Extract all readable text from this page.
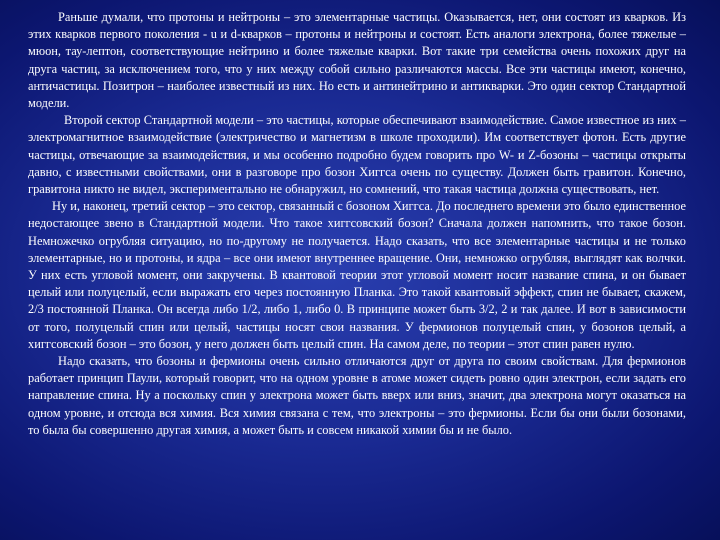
Раньше думали, что протоны и нейтроны – это элементарные частицы. Оказывается, нет, они состоят из кварков. Из этих кварков первого поколения - u и d-кварков – протоны и нейтроны и состоят. Есть аналоги электрона, более тяжелые – мюон, тау-лептон, соответствующие нейтрино и более тяжелые кварки. Вот такие три семейства очень похожих друг на друга частиц, за исключением того, что у них между собой сильно различаются массы. Все эти частицы имеют, конечно, античастицы. Позитрон – наиболее известный из них. Но есть и антинейтрино и антикварки. Это один сектор Стандартной модели.

Второй сектор Стандартной модели – это частицы, которые обеспечивают взаимодействие. Самое известное из них – электромагнитное взаимодействие (электричество и магнетизм в школе проходили). Им соответствует фотон. Есть другие частицы, отвечающие за взаимодействия, и мы особенно подробно будем говорить про W- и Z-бозоны – частицы открыты давно, с известными свойствами, они в разговоре про бозон Хиггса очень по существу. Должен быть гравитон. Конечно, гравитона никто не видел, экспериментально не обнаружил, но сомнений, что такая частица должна существовать, нет.

Ну и, наконец, третий сектор – это сектор, связанный с бозоном Хиггса. До последнего времени это было единственное недостающее звено в Стандартной модели. Что такое хиггсовский бозон? Сначала должен напомнить, что такое бозон. Немножечко огрубляя ситуацию, но по-другому не получается. Надо сказать, что все элементарные частицы и не только элементарные, но и протоны, и ядра – все они имеют внутреннее вращение. Они, немножко огрубляя, выглядят как волчки. У них есть угловой момент, они закручены. В квантовой теории этот угловой момент носит название спина, и он бывает целый или полуцелый, если выражать его через постоянную Планка. Это такой квантовый эффект, спин не бывает, скажем, 2/3 постоянной Планка. Он всегда либо 1/2, либо 1, либо 0. В принципе может быть 3/2, 2 и так далее. И вот в зависимости от того, полуцелый спин или целый, частицы носят свои названия. У фермионов полуцелый спин, у бозонов целый, а хиггсовский бозон – это бозон, у него должен быть целый спин. На самом деле, по теории – этот спин равен нулю.

Надо сказать, что бозоны и фермионы очень сильно отличаются друг от друга по своим свойствам. Для фермионов работает принцип Паули, который говорит, что на одном уровне в атоме может сидеть ровно один электрон, если задать его направление спина. Ну а поскольку спин у электрона может быть вверх или вниз, значит, два электрона могут оказаться на одном уровне, и отсюда вся химия. Вся химия связана с тем, что электроны – это фермионы. Если бы они были бозонами, то была бы совершенно другая химия, а может быть и совсем никакой химии бы и не было.
